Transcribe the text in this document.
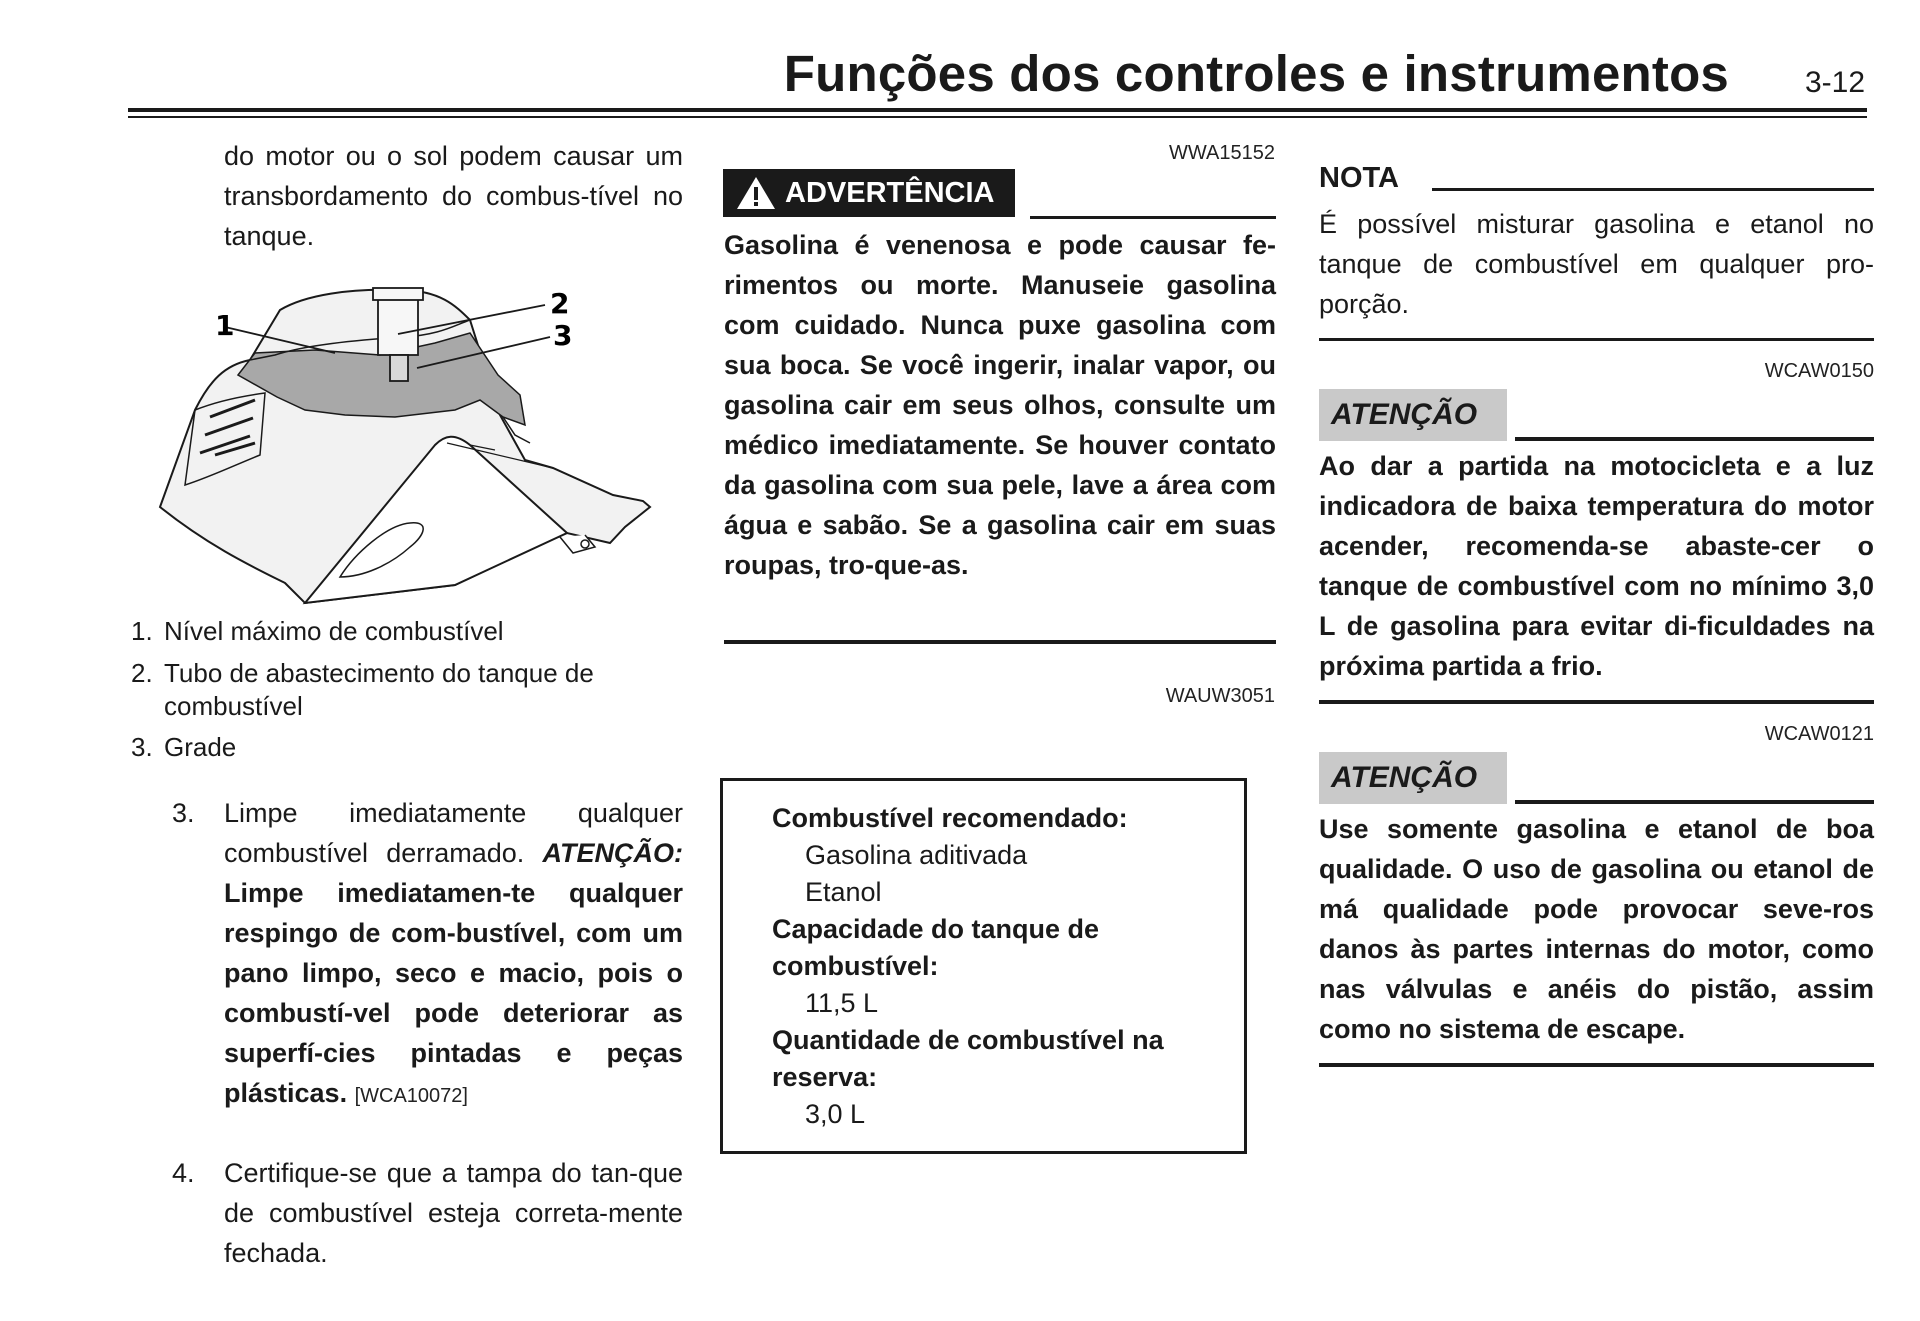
Funções dos controles e instrumentos	3-12
do motor ou o sol podem causar um transbordamento do combus-tível no tanque.
1
2
3
1. Nível máximo de combustível
2. Tubo de abastecimento do tanque de
combustível
3. Grade
3. Limpe imediatamente qualquer combustível derramado. ATENÇÃO: Limpe imediatamen-te qualquer respingo de com-bustível, com um pano limpo, seco e macio, pois o combustí-vel pode deteriorar as superfí-cies pintadas e peças plásticas. [WCA10072]
4. Certifique-se que a tampa do tan-que de combustível esteja correta-mente fechada.
WWA15152
ADVERTÊNCIA
Gasolina é venenosa e pode causar fe-rimentos ou morte. Manuseie gasolina com cuidado. Nunca puxe gasolina com sua boca. Se você ingerir, inalar vapor, ou gasolina cair em seus olhos, consulte um médico imediatamente. Se houver contato da gasolina com sua pele, lave a área com água e sabão. Se a gasolina cair em suas roupas, tro-que-as.
WAUW3051
Combustível recomendado:
Gasolina aditivada
Etanol
Capacidade do tanque de combustível:
11,5 L
Quantidade de combustível na reserva:
3,0 L
NOTA
É possível misturar gasolina e etanol no tanque de combustível em qualquer pro-porção.
WCAW0150
ATENÇÃO
Ao dar a partida na motocicleta e a luz indicadora de baixa temperatura do motor acender, recomenda-se abaste-cer o tanque de combustível com no mínimo 3,0 L de gasolina para evitar di-ficuldades na próxima partida a frio.
WCAW0121
ATENÇÃO
Use somente gasolina e etanol de boa qualidade. O uso de gasolina ou etanol de má qualidade pode provocar seve-ros danos às partes internas do motor, como nas válvulas e anéis do pistão, assim como no sistema de escape.
